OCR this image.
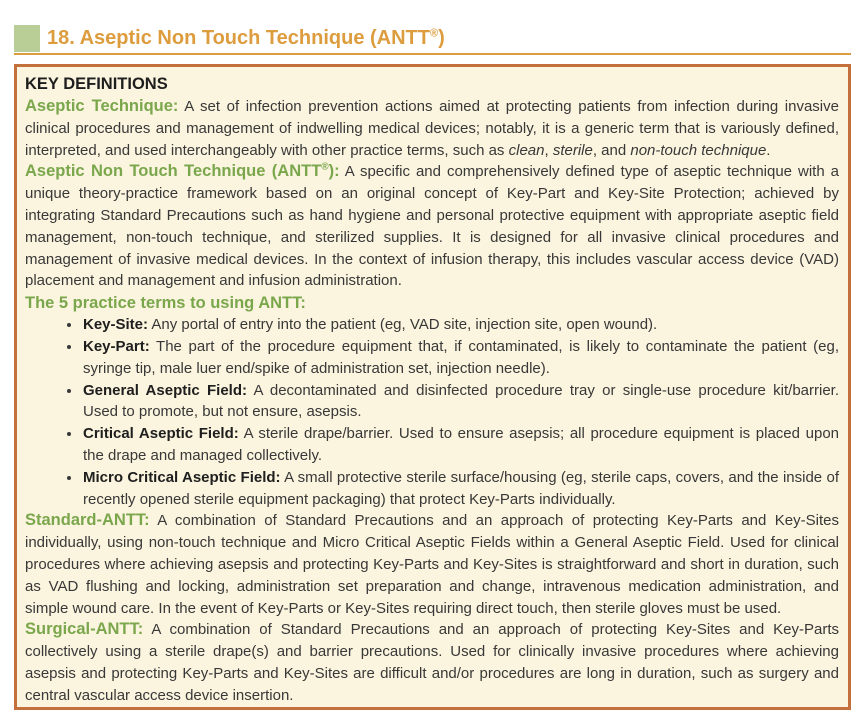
18. Aseptic Non Touch Technique (ANTT®)
KEY DEFINITIONS

Aseptic Technique: A set of infection prevention actions aimed at protecting patients from infection during invasive clinical procedures and management of indwelling medical devices; notably, it is a generic term that is variously defined, interpreted, and used interchangeably with other practice terms, such as clean, sterile, and non-touch technique.

Aseptic Non Touch Technique (ANTT®): A specific and comprehensively defined type of aseptic technique with a unique theory-practice framework based on an original concept of Key-Part and Key-Site Protection; achieved by integrating Standard Precautions such as hand hygiene and personal protective equipment with appropriate aseptic field management, non-touch technique, and sterilized supplies. It is designed for all invasive clinical procedures and management of invasive medical devices. In the context of infusion therapy, this includes vascular access device (VAD) placement and management and infusion administration.

The 5 practice terms to using ANTT:
• Key-Site: Any portal of entry into the patient (eg, VAD site, injection site, open wound).
• Key-Part: The part of the procedure equipment that, if contaminated, is likely to contaminate the patient (eg, syringe tip, male luer end/spike of administration set, injection needle).
• General Aseptic Field: A decontaminated and disinfected procedure tray or single-use procedure kit/barrier. Used to promote, but not ensure, asepsis.
• Critical Aseptic Field: A sterile drape/barrier. Used to ensure asepsis; all procedure equipment is placed upon the drape and managed collectively.
• Micro Critical Aseptic Field: A small protective sterile surface/housing (eg, sterile caps, covers, and the inside of recently opened sterile equipment packaging) that protect Key-Parts individually.

Standard-ANTT: A combination of Standard Precautions and an approach of protecting Key-Parts and Key-Sites individually, using non-touch technique and Micro Critical Aseptic Fields within a General Aseptic Field. Used for clinical procedures where achieving asepsis and protecting Key-Parts and Key-Sites is straightforward and short in duration, such as VAD flushing and locking, administration set preparation and change, intravenous medication administration, and simple wound care. In the event of Key-Parts or Key-Sites requiring direct touch, then sterile gloves must be used.

Surgical-ANTT: A combination of Standard Precautions and an approach of protecting Key-Sites and Key-Parts collectively using a sterile drape(s) and barrier precautions. Used for clinically invasive procedures where achieving asepsis and protecting Key-Parts and Key-Sites are difficult and/or procedures are long in duration, such as surgery and central vascular access device insertion.
